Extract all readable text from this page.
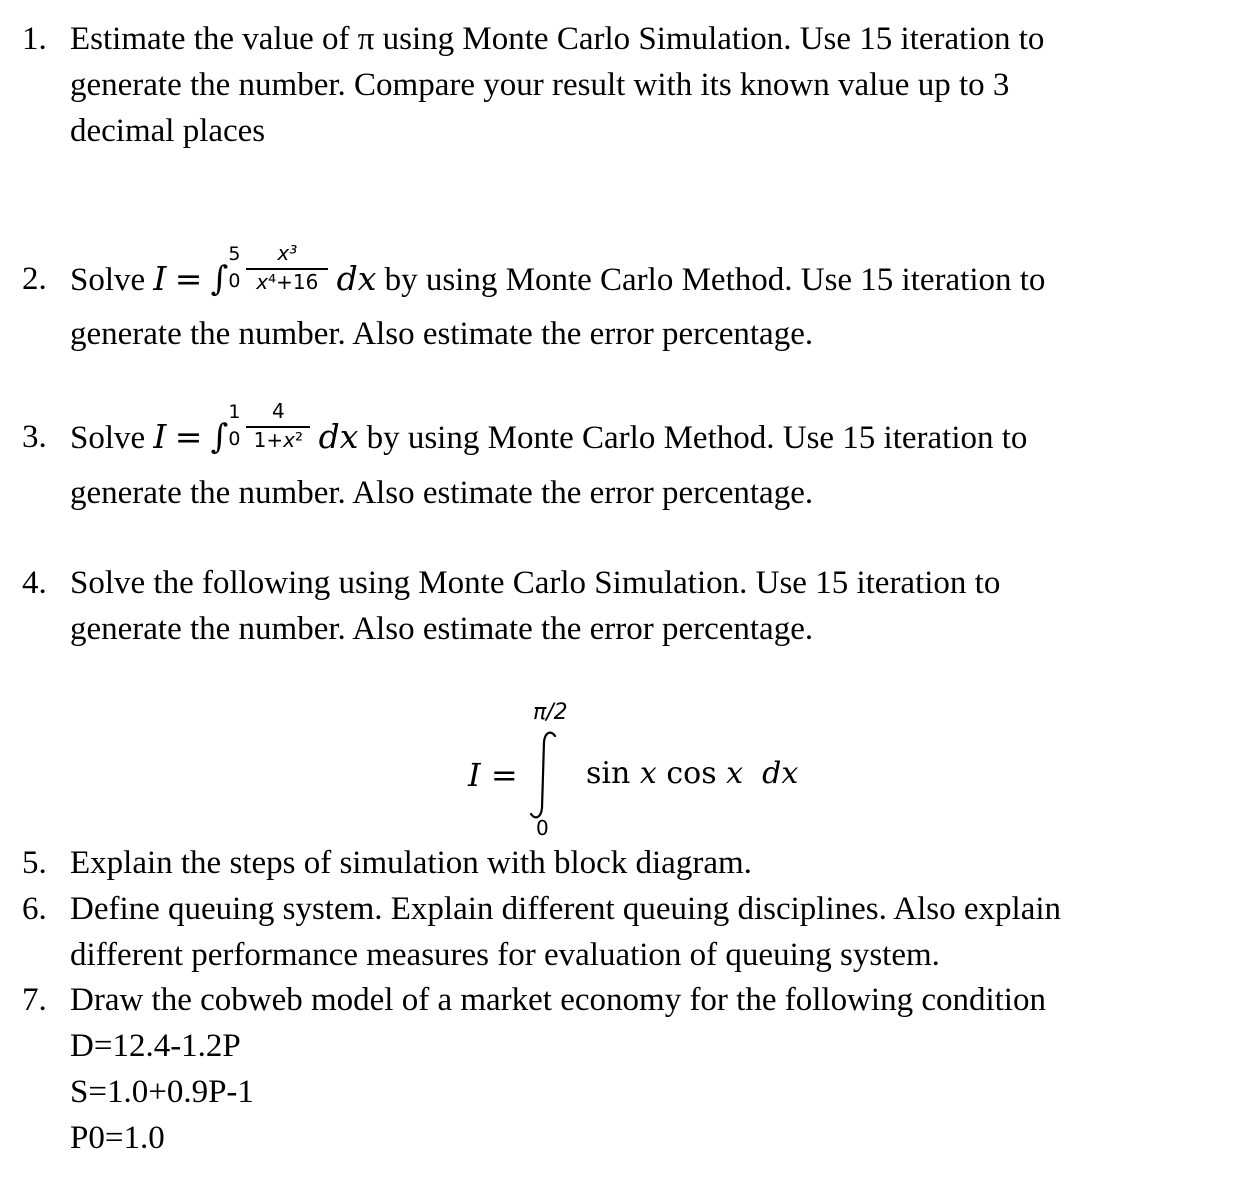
1. Estimate the value of π using Monte Carlo Simulation. Use 15 iteration to
generate the number. Compare your result with its known value up to 3
decimal places
2. Solve I = ∫
5
$0 \frac{\text{x³}}{\text{x⁴+16}}$ dx by using Monte Carlo Method. Use 15 iteration to
generate the number. Also estimate the error percentage.
3. Solve I = ∫
1
$0 \frac{4}{\text{1+x²}}$ dx by using Monte Carlo Method. Use 15 iteration to
generate the number. Also estimate the error percentage.
4. Solve the following using Monte Carlo Simulation. Use 15 iteration to
generate the number. Also estimate the error percentage.
I =
π/2
0
sin x cos x dx
5. Explain the steps of simulation with block diagram.
6. Define queuing system. Explain different queuing disciplines. Also explain
different performance measures for evaluation of queuing system.
7. Draw the cobweb model of a market economy for the following condition
D=12.4-1.2P
S=1.0+0.9P-1
P0=1.0
